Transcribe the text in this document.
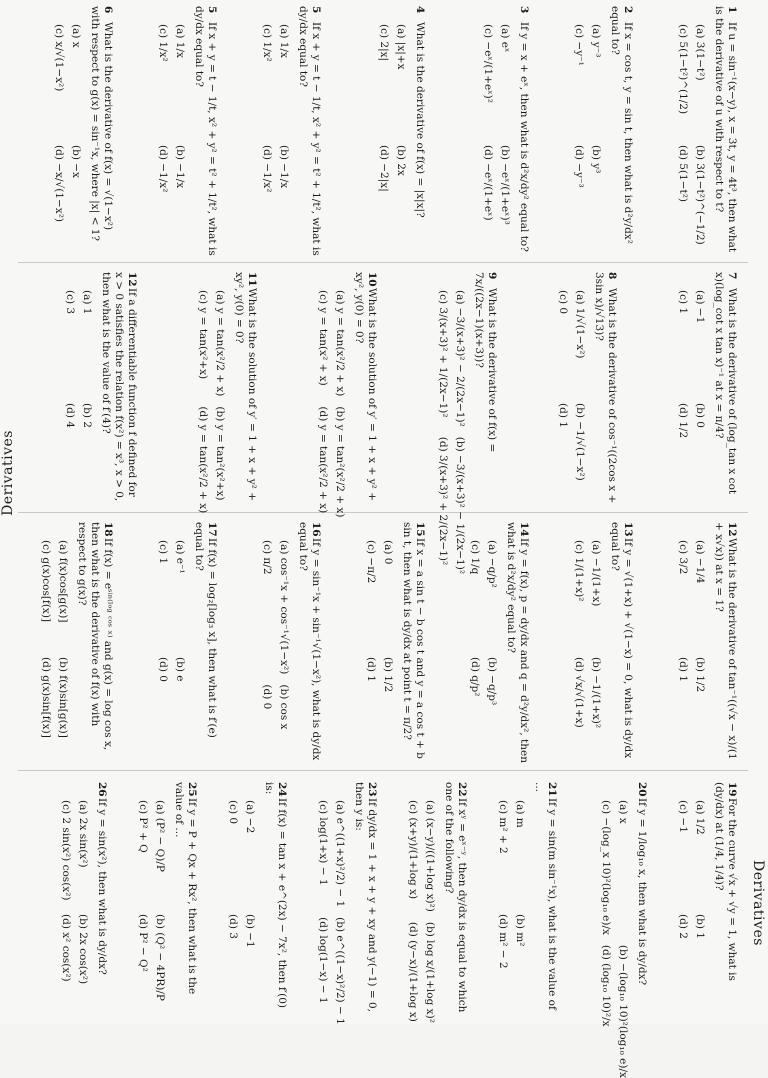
Derivatives
Derivatives
1If u = sin⁻¹(x−y), x = 3t, y = 4t³, then what is the derivative of u with respect to t?
(a) 3(1−t²)
(b) 3(1−t²)^(−1/2)
(c) 5(1−t²)^(1/2)
(d) 5(1−t²)
2If x = cos t, y = sin t, then what is d²y/dx² equal to?
(a) y⁻³
(b) y³
(c) −y⁻¹
(d) −y⁻³
3If y = x + eˣ, then what is d²x/dy² equal to?
(a) eˣ
(b) −eˣ/(1+eˣ)³
(c) −eˣ/(1+eˣ)²
(d) −eˣ/(1+eˣ)
4What is the derivative of f(x) = |x|x|?
(a) |x|+x
(b) 2x
(c) 2|x|
(d) −2|x|
5If x + y = t − 1/t, x² + y² = t² + 1/t², what is dy/dx equal to?
(a) 1/x
(b) −1/x
(c) 1/x²
(d) −1/x²
5If x + y = t − 1/t, x² + y² = t² + 1/t², what is dy/dx equal to?
(a) 1/x
(b) −1/x
(c) 1/x²
(d) −1/x²
6What is the derivative of f(x) = √(1−x²) with respect to g(x) = sin⁻¹x, where |x| < 1?
(a) x
(b) −x
(c) x/√(1−x²)
(d) −x/√(1−x²)
7What is the derivative of (log_tan x cot x)(log_cot x tan x)⁻¹ at x = π/4?
(a) −1
(b) 0
(c) 1
(d) 1/2
8What is the derivative of cos⁻¹((2cos x + 3sin x)/√13)?
(a) 1/√(1−x²)
(b) −1/√(1−x²)
(c) 0
(d) 1
9What is the derivative of f(x) = 7x/((2x−1)(x+3))?
(a) −3/(x+3)² − 2/(2x−1)²
(b) −3/(x+3)² − 1/(2x−1)²
(c) 3/(x+3)² + 1/(2x−1)²
(d) 3/(x+3)² + 2/(2x−1)²
10What is the solution of y′ = 1 + x + y² + xy², y(0) = 0?
(a) y = tan(x²/2 + x)
(b) y = tan²(x²/2 + x)
(c) y = tan(x² + x)
(d) y = tan(x²/2 + x)
11What is the solution of y′ = 1 + x + y² + xy², y(0) = 0?
(a) y = tan(x²/2 + x)
(b) y = tan²(x²+x)
(c) y = tan(x²+x)
(d) y = tan(x²/2 + x)
12If a differentiable function f defined for x > 0 satisfies the relation f(x²) = x³, x > 0, then what is the value of f′(4)?
(a) 1
(b) 2
(c) 3
(d) 4
12What is the derivative of tan⁻¹((√x − x)/(1 + x√x)) at x = 1?
(a) −1/4
(b) 1/2
(c) 3/2
(d) 1
13If y = √(1+x) + √(1−x) = 0, what is dy/dx equal to?
(a) −1/(1+x)
(b) −1/(1+x)²
(c) 1/(1+x)²
(d) √x/√(1+x)
14If y = f(x), p = dy/dx and q = d²y/dx², then what is d²x/dy² equal to?
(a) −q/p²
(b) −q/p³
(c) 1/q
(d) q/p²
15If x = a sin t − b cos t and y = a cos t + b sin t, then what is dy/dx at point t = π/2?
(a) 0
(b) 1/2
(c) −π/2
(d) 1
16If y = sin⁻¹x + sin⁻¹√(1−x²), what is dy/dx equal to?
(a) cos⁻¹x + cos⁻¹√(1−x²)
(b) cos x
(c) π/2
(d) 0
17If f(x) = log₂[log₃ x], then what is f′(e) equal to?
(a) e⁻¹
(b) e
(c) 1
(d) 0
18If f(x) = eˢⁱⁿ⁽ˡᵒᵍ ᶜᵒˢ ˣ⁾ and g(x) = log cos x, then what is the derivative of f(x) with respect to g(x)?
(a) f(x)cos[g(x)]
(b) f(x)sin[g(x)]
(c) g(x)cos[f(x)]
(d) g(x)sin[f(x)]
19For the curve √x + √y = 1, what is (dy/dx) at (1/4, 1/4)?
(a) 1/2
(b) 1
(c) −1
(d) 2
20If y = 1/log₁₀ x, then what is dy/dx?
(a) x
(b) −(log₁₀ 10)²(log₁₀ e)/x
(c) −(log_x 10)²(log₁₀ e)/x
(d) (log₁₀ 10)²/x
21If y = sin(m sin⁻¹x), what is the value of ...
(a) m
(b) m²
(c) m² + 2
(d) m² − 2
22If xʸ = eˣ⁻ʸ, then dy/dx is equal to which one of the following?
(a) (x−y)/((1+log x)²)
(b) log x/(1+log x)²
(c) (x+y)/(1+log x)
(d) (y−x)/(1+log x)
23If dy/dx = 1 + x + y + xy and y(−1) = 0, then y is:
(a) e^((1+x)²/2) − 1
(b) e^((1−x)²/2) − 1
(c) log(1+x) − 1
(d) log(1−x) − 1
24If f(x) = tan x + e^(2x) − 7x², then f′(0) is:
(a) −2
(b) −1
(c) 0
(d) 3
25If y = P + Qx + Rx², then what is the value of ...
(a) (P² − Q)/P
(b) (Q² − 4PR)/P
(c) P² + Q
(d) P² − Q²
26If y = sin(x²), then what is dy/dx?
(a) 2x sin(x²)
(b) 2x cos(x²)
(c) 2 sin(x²) cos(x²)
(d) x² cos(x²)
